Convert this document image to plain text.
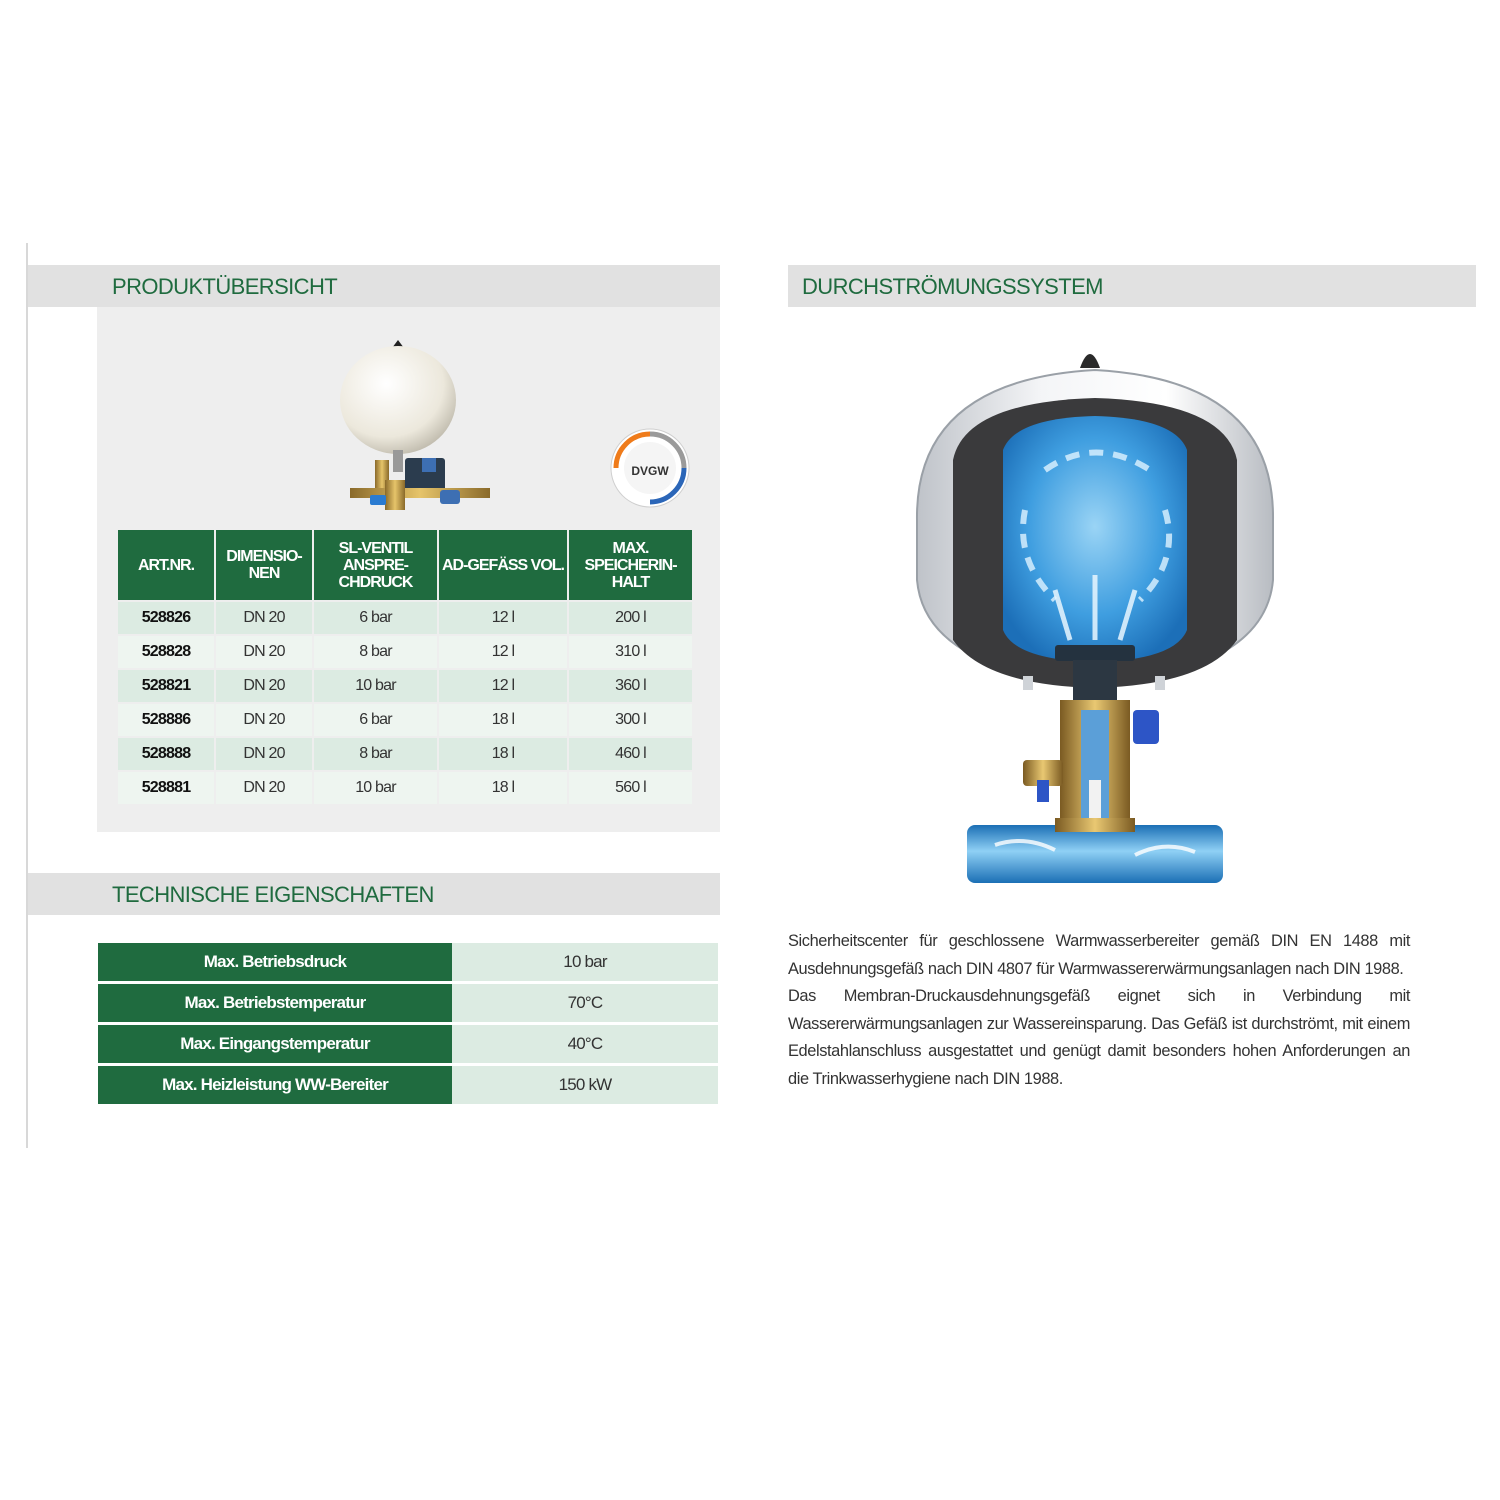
PRODUKTÜBERSICHT
DVGW
ART.NR.	DIMENSIO-NEN	SL-VENTIL ANSPRE-CHDRUCK	AD-GEFÄSS VOL.	MAX. SPEICHERIN-HALT
528826	DN 20	6 bar	12 l	200 l
528828	DN 20	8 bar	12 l	310 l
528821	DN 20	10 bar	12 l	360 l
528886	DN 20	6 bar	18 l	300 l
528888	DN 20	8 bar	18 l	460 l
528881	DN 20	10 bar	18 l	560 l
TECHNISCHE EIGENSCHAFTEN
Max. Betriebsdruck	10 bar
Max. Betriebstemperatur	70°C
Max. Eingangstemperatur	40°C
Max. Heizleistung WW-Bereiter	150 kW
DURCHSTRÖMUNGSSYSTEM

Sicherheitscenter für geschlossene Warmwasserbereiter gemäß DIN EN 1488 mit Ausdehnungsgefäß nach DIN 4807 für Warmwassererwärmungsanlagen nach DIN 1988.

Das Membran-Druckausdehnungsgefäß eignet sich in Verbindung mit Wassererwärmungsanlagen zur Wassereinsparung. Das Gefäß ist durchströmt, mit einem Edelstahlanschluss ausgestattet und genügt damit besonders hohen Anforderungen an die Trinkwasserhygiene nach DIN 1988.
